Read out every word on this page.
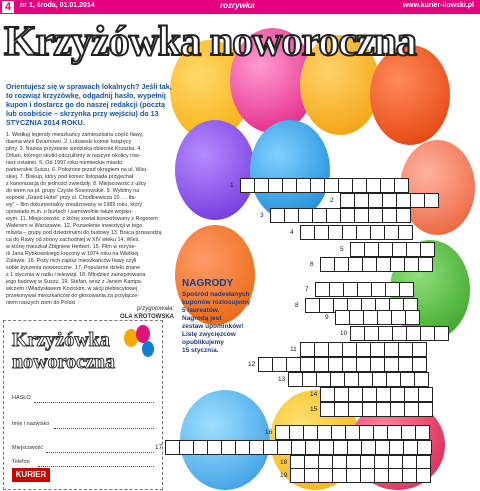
4	nr 1, środa, 01.01.2014	rozrywka	www.kurier-ilowski.pl
Krzyżówka noworoczna
Orientujesz się w sprawach lokalnych? Jeśli tak, to rozwiąż krzyżówkę, odgadnij hasło, wypełnij kupon i dostarcz go do naszej redakcji (pocztą lub osobiście – skrzynka przy wejściu) do 13 STYCZNIA 2014 ROKU.
1. Według legendy mieszkańcy zamieszkana część Iławy,
dawna wieś Dziarnowo. 2. Lubawski komar książęcy
pilny. 3. Nazwa przystanie siedziska obiecnie Kruszka. 4.
Orkan, którego skutki odczuliśmy w naszym okolicy rów-
nież ostatnio. 5. Od 1997 roku niemieckie miasto
partnerskie Suszu. 6. Położone przed okręgiem na ul. Wiej-
skiej. 7. Biskup, który pod koniec listopada przyjechał
z kanonizacją do jedności zwiedziły. 8. Miejscowość z ulicy
do teren na pl. grupy Czyste Sosnowskie. 9. Wybitny na
sopocki „Grand Hotel” przy ul. Chodkiewicza 10. ... Ita-
wy” – film dokumentalny zrealizowany w 1989 roku, który
opowiada m.in. o burtach i samowolnie także wojsko-
wym. 11. Miejscowość, z której został koncertowany z Rogerem
Waterem w Warszawie. 12. Pozwolenie inwestycji w tego
miasta – grupy pod dziedzinami do budowy 13. Braca przewodzą
ca do Rawy od strony zachodniej w XIV wieku 14. Wieś,
w której mieszkał Zbigniew Herbert. 15. Film w reżyse-
rii Jana Rybkowskiego kręcony w 1974 roku na Wielkiej
Żuławie. 16. Pozy nich zapisz mieszkańców Iławy czyli
sobie życzenia noworoczne. 17. Popularne dzieło znane
z 1 stycznia w radiu i telewizji. 18. Młodzież zainspirowana
jego budowę w Suszu. 19. Stefan, wraz z Janem Kamps-
wiczem i Władysławem Kozickim, w akcji plebiscytowej
przekonywał mieszkańców do głosowania za przyłącze-
niem naszych ziem do Polski
przygotowała:
OLA KROTOWSKA
NAGRODY
Spośród nadesłanych
kuponów rozlosujemy
5 laureatów.
Nagrodą jest
zestaw upominków!
Listę zwycięzców
opublikujemy
15 stycznia.
Krzyżówka
noworoczna
HASŁO
Imię i nazwisko
Miejscowość
Telefon
KURIER
1
2
3
4
5
6
7
8
9
10
11
12
13
14
15
16
17
18
19
